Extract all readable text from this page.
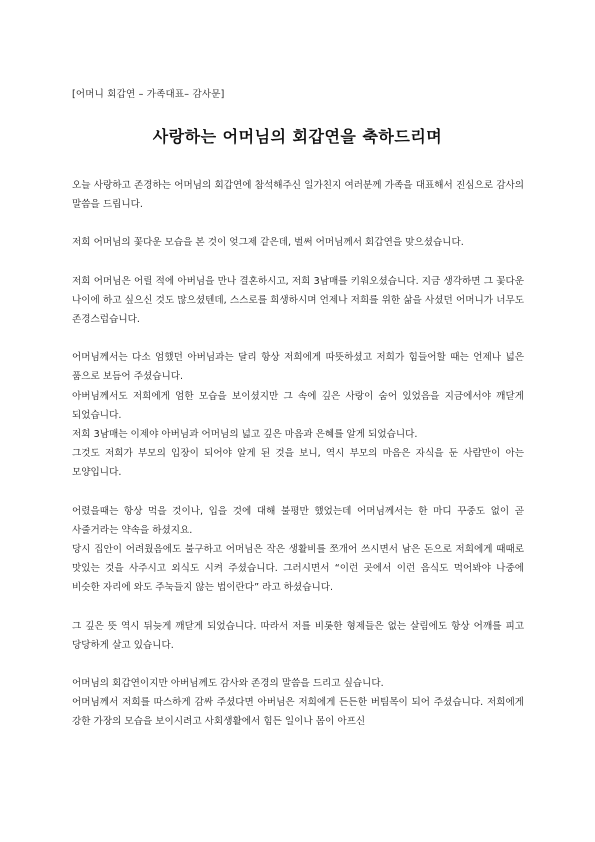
[어머니 회갑연 – 가족대표– 감사문]
사랑하는 어머님의 회갑연을 축하드리며

오늘 사랑하고 존경하는 어머님의 회갑연에 참석해주신 일가친지 여러분께 가족을 대표해서 진심으로 감사의 말씀을 드립니다.

저희 어머님의 꽃다운 모습을 본 것이 엊그제 같은데, 벌써 어머님께서 회갑연을 맞으셨습니다.

저희 어머님은 어릴 적에 아버님을 만나 결혼하시고, 저희 3남매를 키워오셨습니다. 지금 생각하면 그 꽃다운 나이에 하고 싶으신 것도 많으셨텐데, 스스로를 희생하시며 언제나 저희를 위한 삶을 사셨던 어머니가 너무도 존경스럽습니다.

어머님께서는 다소 엄했던 아버님과는 달리 항상 저희에게 따뜻하셨고 저희가 힘들어할 때는 언제나 넓은 품으로 보듬어 주셨습니다.

아버님께서도 저희에게 엄한 모습을 보이셨지만 그 속에 깊은 사랑이 숨어 있었음을 지금에서야 깨닫게 되었습니다.

저희 3남매는 이제야 아버님과 어머님의 넓고 깊은 마음과 은혜를 알게 되었습니다.

그것도 저희가 부모의 입장이 되어야 알게 된 것을 보니, 역시 부모의 마음은 자식을 둔 사람만이 아는 모양입니다.

어렸을때는 항상 먹을 것이나, 입을 것에 대해 불평만 했었는데 어머님께서는 한 마디 꾸중도 없이 곧 사줄거라는 약속을 하셨지요.

당시 집안이 어려웠음에도 불구하고 어머님은 작은 생활비를 쪼개어 쓰시면서 남은 돈으로 저희에게 때때로 맛있는 것을 사주시고 외식도 시켜 주셨습니다. 그러시면서 “이런 곳에서 이런 음식도 먹어봐야 나중에 비슷한 자리에 와도 주눅들지 않는 법이란다” 라고 하셨습니다.

그 깊은 뜻 역시 뒤늦게 깨닫게 되었습니다. 따라서 저를 비롯한 형제들은 없는 살림에도 항상 어깨를 피고 당당하게 살고 있습니다.

어머님의 회갑연이지만 아버님께도 감사와 존경의 말씀을 드리고 싶습니다.

어머님께서 저희를 따스하게 감싸 주셨다면 아버님은 저희에게 든든한 버팀목이 되어 주셨습니다. 저희에게 강한 가장의 모습을 보이시려고 사회생활에서 힘든 일이나 몸이 아프신
